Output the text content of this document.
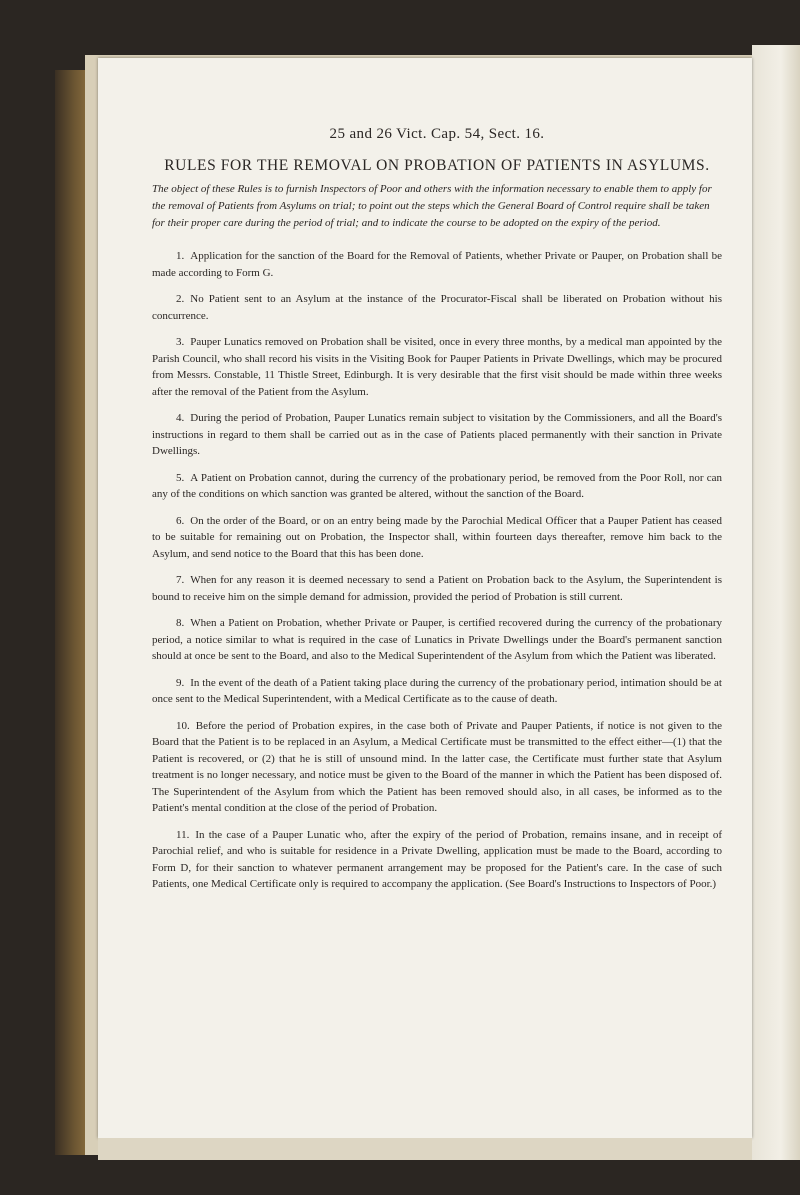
25 and 26 Vict. Cap. 54, Sect. 16.

RULES FOR THE REMOVAL ON PROBATION OF PATIENTS IN ASYLUMS.

The object of these Rules is to furnish Inspectors of Poor and others with the information necessary to enable them to apply for the removal of Patients from Asylums on trial; to point out the steps which the General Board of Control require shall be taken for their proper care during the period of trial; and to indicate the course to be adopted on the expiry of the period.

1. Application for the sanction of the Board for the Removal of Patients, whether Private or Pauper, on Probation shall be made according to Form G.
2. No Patient sent to an Asylum at the instance of the Procurator-Fiscal shall be liberated on Probation without his concurrence.
3. Pauper Lunatics removed on Probation shall be visited, once in every three months, by a medical man appointed by the Parish Council, who shall record his visits in the Visiting Book for Pauper Patients in Private Dwellings, which may be procured from Messrs. Constable, 11 Thistle Street, Edinburgh. It is very desirable that the first visit should be made within three weeks after the removal of the Patient from the Asylum.
4. During the period of Probation, Pauper Lunatics remain subject to visitation by the Commissioners, and all the Board's instructions in regard to them shall be carried out as in the case of Patients placed permanently with their sanction in Private Dwellings.
5. A Patient on Probation cannot, during the currency of the probationary period, be removed from the Poor Roll, nor can any of the conditions on which sanction was granted be altered, without the sanction of the Board.
6. On the order of the Board, or on an entry being made by the Parochial Medical Officer that a Pauper Patient has ceased to be suitable for remaining out on Probation, the Inspector shall, within fourteen days thereafter, remove him back to the Asylum, and send notice to the Board that this has been done.
7. When for any reason it is deemed necessary to send a Patient on Probation back to the Asylum, the Superintendent is bound to receive him on the simple demand for admission, provided the period of Probation is still current.
8. When a Patient on Probation, whether Private or Pauper, is certified recovered during the currency of the probationary period, a notice similar to what is required in the case of Lunatics in Private Dwellings under the Board's permanent sanction should at once be sent to the Board, and also to the Medical Superintendent of the Asylum from which the Patient was liberated.
9. In the event of the death of a Patient taking place during the currency of the probationary period, intimation should be at once sent to the Medical Superintendent, with a Medical Certificate as to the cause of death.
10. Before the period of Probation expires, in the case both of Private and Pauper Patients, if notice is not given to the Board that the Patient is to be replaced in an Asylum, a Medical Certificate must be transmitted to the effect either—(1) that the Patient is recovered, or (2) that he is still of unsound mind. In the latter case, the Certificate must further state that Asylum treatment is no longer necessary, and notice must be given to the Board of the manner in which the Patient has been disposed of. The Superintendent of the Asylum from which the Patient has been removed should also, in all cases, be informed as to the Patient's mental condition at the close of the period of Probation.
11. In the case of a Pauper Lunatic who, after the expiry of the period of Probation, remains insane, and in receipt of Parochial relief, and who is suitable for residence in a Private Dwelling, application must be made to the Board, according to Form D, for their sanction to whatever permanent arrangement may be proposed for the Patient's care. In the case of such Patients, one Medical Certificate only is required to accompany the application. (See Board's Instructions to Inspectors of Poor.)
